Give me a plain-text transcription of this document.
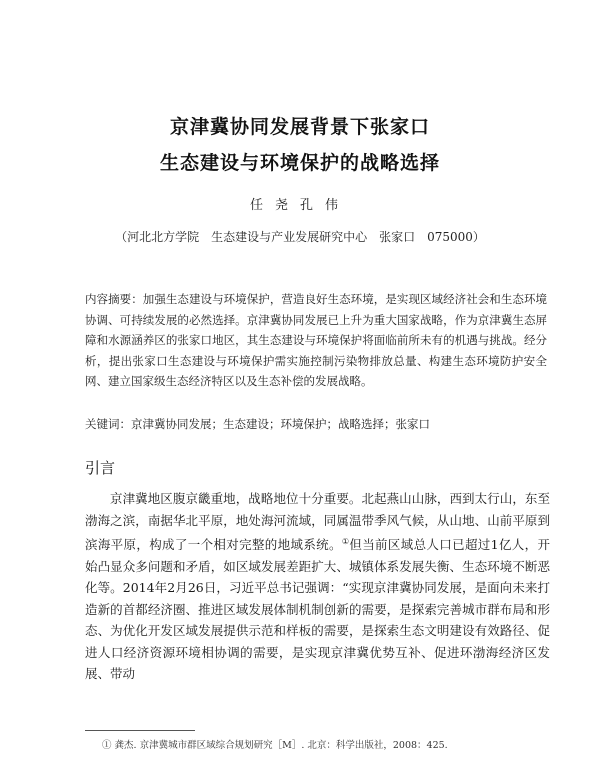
京津冀协同发展背景下张家口
生态建设与环境保护的战略选择
任尧孔伟
（河北北方学院　生态建设与产业发展研究中心　张家口　075000）
内容摘要：加强生态建设与环境保护，营造良好生态环境，是实现区域经济社会和生态环境协调、可持续发展的必然选择。京津冀协同发展已上升为重大国家战略，作为京津冀生态屏障和水源涵养区的张家口地区，其生态建设与环境保护将面临前所未有的机遇与挑战。经分析，提出张家口生态建设与环境保护需实施控制污染物排放总量、构建生态环境防护安全网、建立国家级生态经济特区以及生态补偿的发展战略。
关键词：京津冀协同发展；生态建设；环境保护；战略选择；张家口
引言
京津冀地区腹京畿重地，战略地位十分重要。北起燕山山脉，西到太行山，东至渤海之滨，南据华北平原，地处海河流域，同属温带季风气候，从山地、山前平原到滨海平原，构成了一个相对完整的地域系统。①但当前区域总人口已超过1亿人，开始凸显众多问题和矛盾，如区域发展差距扩大、城镇体系发展失衡、生态环境不断恶化等。2014年2月26日，习近平总书记强调：“实现京津冀协同发展，是面向未来打造新的首都经济圈、推进区域发展体制机制创新的需要，是探索完善城市群布局和形态、为优化开发区域发展提供示范和样板的需要，是探索生态文明建设有效路径、促进人口经济资源环境相协调的需要，是实现京津冀优势互补、促进环渤海经济区发展、带动
① 龚杰. 京津冀城市群区域综合规划研究［M］. 北京：科学出版社，2008：425.
